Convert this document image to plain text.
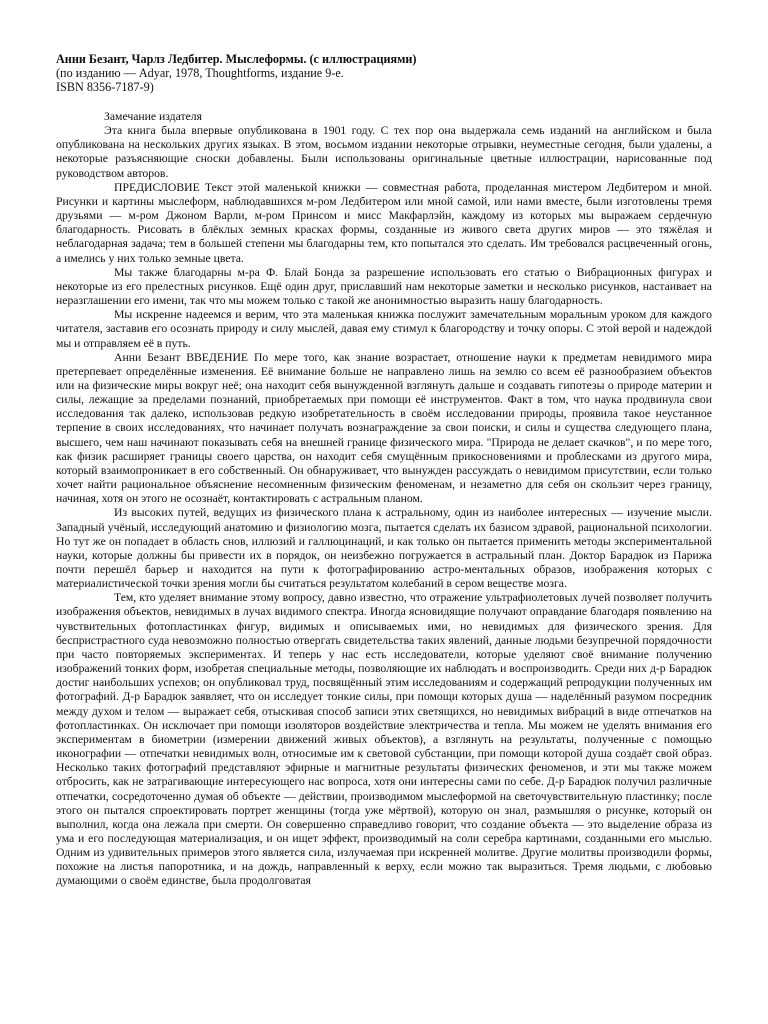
Анни Безант, Чарлз Ледбитер. Мыслеформы. (с иллюстрациями)
(по изданию — Adyar, 1978, Thoughtforms, издание 9-е.
ISBN 8356-7187-9)

Замечание издателя

Эта книга была впервые опубликована в 1901 году. С тех пор она выдержала семь изданий на английском и была опубликована на нескольких других языках. В этом, восьмом издании некоторые отрывки, неуместные сегодня, были удалены, а некоторые разъясняющие сноски добавлены. Были использованы оригинальные цветные иллюстрации, нарисованные под руководством авторов.

ПРЕДИСЛОВИЕ Текст этой маленькой книжки — совместная работа, проделанная мистером Ледбитером и мной. Рисунки и картины мыслеформ, наблюдавшихся м-ром Ледбитером или мной самой, или нами вместе, были изготовлены тремя друзьями — м-ром Джоном Варли, м-ром Принсом и мисс Макфарлэйн, каждому из которых мы выражаем сердечную благодарность. Рисовать в блёклых земных красках формы, созданные из живого света других миров — это тяжёлая и неблагодарная задача; тем в большей степени мы благодарны тем, кто попытался это сделать. Им требовался расцвеченный огонь, а имелись у них только земные цвета.

Мы также благодарны м-ра Ф. Блай Бонда за разрешение использовать его статью о Вибрационных фигурах и некоторые из его прелестных рисунков. Ещё один друг, приславший нам некоторые заметки и несколько рисунков, настаивает на неразглашении его имени, так что мы можем только с такой же анонимностью выразить нашу благодарность.

Мы искренне надеемся и верим, что эта маленькая книжка послужит замечательным моральным уроком для каждого читателя, заставив его осознать природу и силу мыслей, давая ему стимул к благородству и точку опоры. С этой верой и надеждой мы и отправляем её в путь.

Анни Безант ВВЕДЕНИЕ По мере того, как знание возрастает, отношение науки к предметам невидимого мира претерпевает определённые изменения. Её внимание больше не направлено лишь на землю со всем её разнообразием объектов или на физические миры вокруг неё; она находит себя вынужденной взглянуть дальше и создавать гипотезы о природе материи и силы, лежащие за пределами познаний, приобретаемых при помощи её инструментов. Факт в том, что наука продвинула свои исследования так далеко, использовав редкую изобретательность в своём исследовании природы, проявила такое неустанное терпение в своих исследованиях, что начинает получать вознаграждение за свои поиски, и силы и существа следующего плана, высшего, чем наш начинают показывать себя на внешней границе физического мира. "Природа не делает скачков", и по мере того, как физик расширяет границы своего царства, он находит себя смущённым прикосновениями и проблесками из другого мира, который взаимопроникает в его собственный. Он обнаруживает, что вынужден рассуждать о невидимом присутствии, если только хочет найти рациональное объяснение несомненным физическим феноменам, и незаметно для себя он скользит через границу, начиная, хотя он этого не осознаёт, контактировать с астральным планом.

Из высоких путей, ведущих из физического плана к астральному, один из наиболее интересных — изучение мысли. Западный учёный, исследующий анатомию и физиологию мозга, пытается сделать их базисом здравой, рациональной психологии. Но тут же он попадает в область снов, иллюзий и галлюцинаций, и как только он пытается применить методы экспериментальной науки, которые должны бы привести их в порядок, он неизбежно погружается в астральный план. Доктор Барадюк из Парижа почти перешёл барьер и находится на пути к фотографированию астро-ментальных образов, изображения которых с материалистической точки зрения могли бы считаться результатом колебаний в сером веществе мозга.

Тем, кто уделяет внимание этому вопросу, давно известно, что отражение ультрафиолетовых лучей позволяет получить изображения объектов, невидимых в лучах видимого спектра. Иногда ясновидящие получают оправдание благодаря появлению на чувствительных фотопластинках фигур, видимых и описываемых ими, но невидимых для физического зрения. Для беспристрастного суда невозможно полностью отвергать свидетельства таких явлений, данные людьми безупречной порядочности при часто повторяемых экспериментах. И теперь у нас есть исследователи, которые уделяют своё внимание получению изображений тонких форм, изобретая специальные методы, позволяющие их наблюдать и воспроизводить. Среди них д-р Барадюк достиг наибольших успехов; он опубликовал труд, посвящённый этим исследованиям и содержащий репродукции полученных им фотографий. Д-р Барадюк заявляет, что он исследует тонкие силы, при помощи которых душа — наделённый разумом посредник между духом и телом — выражает себя, отыскивая способ записи этих светящихся, но невидимых вибраций в виде отпечатков на фотопластинках. Он исключает при помощи изоляторов воздействие электричества и тепла. Мы можем не уделять внимания его экспериментам в биометрии (измерении движений живых объектов), а взглянуть на результаты, полученные с помощью иконографии — отпечатки невидимых волн, относимые им к световой субстанции, при помощи которой душа создаёт свой образ. Несколько таких фотографий представляют эфирные и магнитные результаты физических феноменов, и эти мы также можем отбросить, как не затрагивающие интересующего нас вопроса, хотя они интересны сами по себе. Д-р Барадюк получил различные отпечатки, сосредоточенно думая об объекте — действии, производимом мыслеформой на светочувствительную пластинку; после этого он пытался спроектировать портрет женщины (тогда уже мёртвой), которую он знал, размышляя о рисунке, который он выполнил, когда она лежала при смерти. Он совершенно справедливо говорит, что создание объекта — это выделение образа из ума и его последующая материализация, и он ищет эффект, производимый на соли серебра картинами, созданными его мыслью. Одним из удивительных примеров этого является сила, излучаемая при искренней молитве. Другие молитвы производили формы, похожие на листья папоротника, и на дождь, направленный к верху, если можно так выразиться. Тремя людьми, с любовью думающими о своём единстве, была продолговатая
